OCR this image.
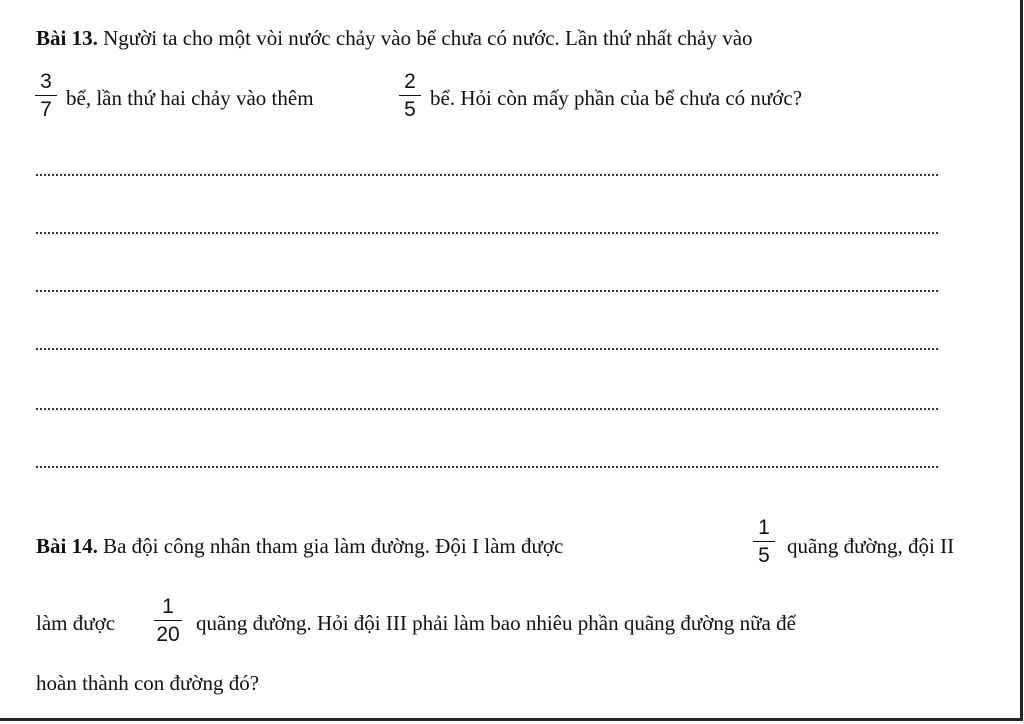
Bài 13. Người ta cho một vòi nước chảy vào bể chưa có nước. Lần thứ nhất chảy vào
3
7 bể, lần thứ hai chảy vào thêm
2
5 bể. Hỏi còn mấy phần của bể chưa có nước?
Bài 14. Ba đội công nhân tham gia làm đường. Đội I làm được
1
5 quãng đường, đội II
làm được
1
20 quãng đường. Hỏi đội III phải làm bao nhiêu phần quãng đường nữa để
hoàn thành con đường đó?
